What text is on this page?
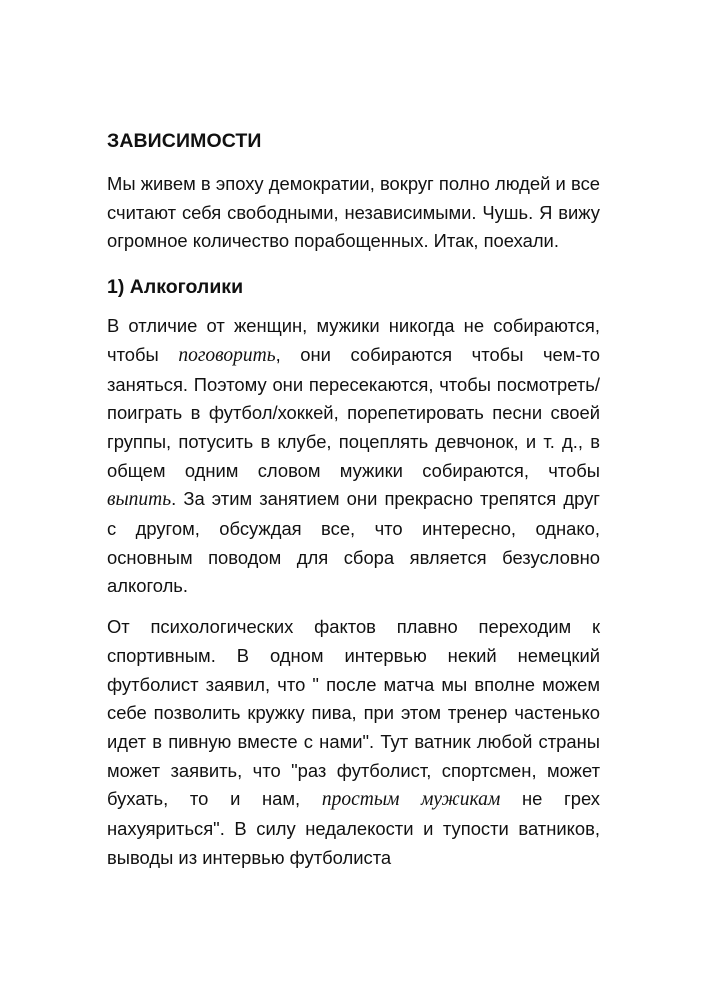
ЗАВИСИМОСТИ

Мы живем в эпоху демократии, вокруг полно людей и все считают себя свободными, независимыми. Чушь. Я вижу огромное количество порабощенных. Итак, поехали.

1) Алкоголики

В отличие от женщин, мужики никогда не собираются, чтобы поговорить, они собираются чтобы чем-то заняться. Поэтому они пересекаются, чтобы посмотреть/поиграть в футбол/хоккей, порепетировать песни своей группы, потусить в клубе, поцеплять девчонок, и т. д., в общем одним словом мужики собираются, чтобы выпить. За этим занятием они прекрасно трепятся друг с другом, обсуждая все, что интересно, однако, основным поводом для сбора является безусловно алкоголь.

От психологических фактов плавно переходим к спортивным. В одном интервью некий немецкий футболист заявил, что " после матча мы вполне можем себе позволить кружку пива, при этом тренер частенько идет в пивную вместе с нами". Тут ватник любой страны может заявить, что "раз футболист, спортсмен, может бухать, то и нам, простым мужикам не грех нахуяриться". В силу недалекости и тупости ватников, выводы из интервью футболиста
